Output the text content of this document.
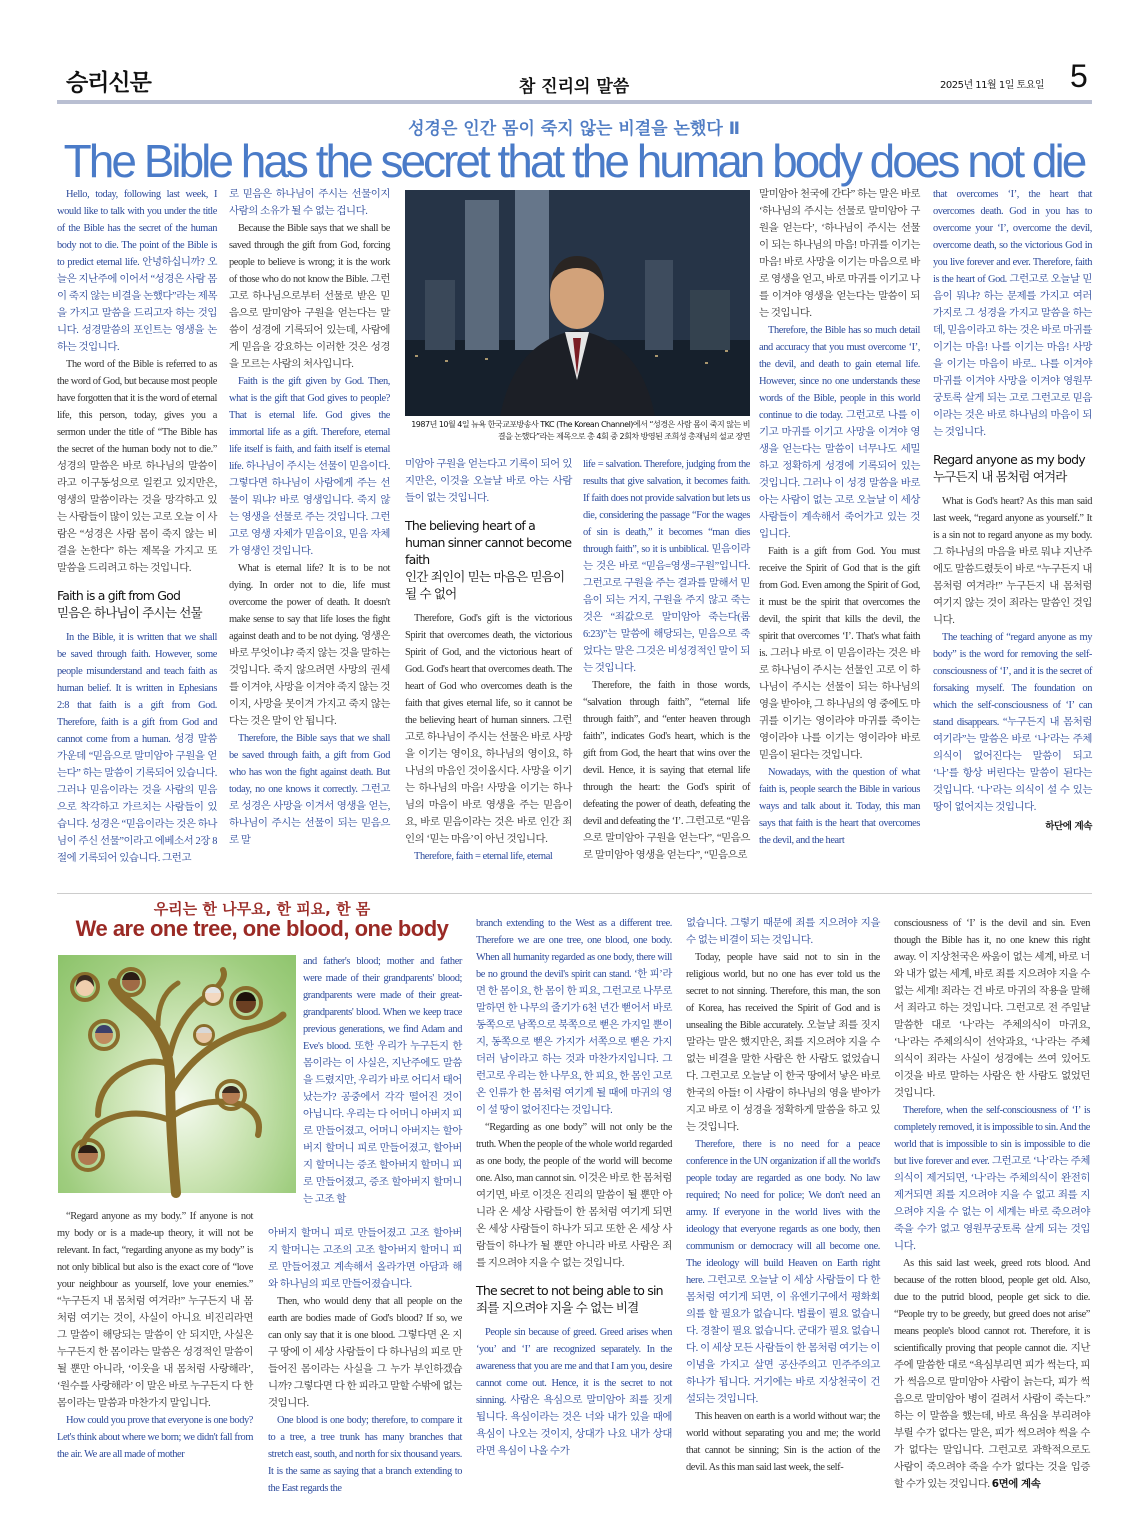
승리신문	참 진리의 말씀	2025년 11월 1일 토요일 5
성경은 인간 몸이 죽지 않는 비결을 논했다 Ⅱ
The Bible has the secret that the human body does not die

Hello, today, following last week, I would like to talk with you under the title of the Bible has the secret of the human body not to die. The point of the Bible is to predict eternal life. 안녕하십니까? 오늘은 지난주에 이어서 “성경은 사람 몸이 죽지 않는 비결을 논했다”라는 제목을 가지고 말씀을 드리고자 하는 것입니다. 성경말씀의 포인트는 영생을 논하는 것입니다.

The word of the Bible is referred to as the word of God, but because most people have forgotten that it is the word of eternal life, this person, today, gives you a sermon under the title of “The Bible has the secret of the human body not to die.” 성경의 말씀은 바로 하나님의 말씀이라고 이구동성으로 일컫고 있지만은, 영생의 말씀이라는 것을 망각하고 있는 사람들이 많이 있는 고로 오늘 이 사람은 “성경은 사람 몸이 죽지 않는 비결을 논한다” 하는 제목을 가지고 또 말씀을 드리려고 하는 것입니다.

Faith is a gift from God
믿음은 하나님이 주시는 선물

In the Bible, it is written that we shall be saved through faith. However, some people misunderstand and teach faith as human belief. It is written in Ephesians 2:8 that faith is a gift from God. Therefore, faith is a gift from God and cannot come from a human. 성경 말씀 가운데 “믿음으로 말미암아 구원을 얻는다” 하는 말씀이 기록되어 있습니다. 그러나 믿음이라는 것을 사람의 믿음으로 착각하고 가르치는 사람들이 있습니다. 성경은 “믿음이라는 것은 하나님이 주신 선물”이라고 에베소서 2장 8절에 기록되어 있습니다. 그런고

로 믿음은 하나님이 주시는 선물이지 사람의 소유가 될 수 없는 겁니다.

Because the Bible says that we shall be saved through the gift from God, forcing people to believe is wrong; it is the work of those who do not know the Bible. 그런고로 하나님으로부터 선물로 받은 믿음으로 말미암아 구원을 얻는다는 말씀이 성경에 기록되어 있는데, 사람에게 믿음을 강요하는 이러한 것은 성경을 모르는 사람의 처사입니다.

Faith is the gift given by God. Then, what is the gift that God gives to people? That is eternal life. God gives the immortal life as a gift. Therefore, eternal life itself is faith, and faith itself is eternal life. 하나님이 주시는 선물이 믿음이다. 그렇다면 하나님이 사람에게 주는 선물이 뭐냐? 바로 영생입니다. 죽지 않는 영생을 선물로 주는 것입니다. 그런고로 영생 자체가 믿음이요, 믿음 자체가 영생인 것입니다.

What is eternal life? It is to be not dying. In order not to die, life must overcome the power of death. It doesn't make sense to say that life loses the fight against death and to be not dying. 영생은 바로 무엇이냐? 죽지 않는 것을 말하는 것입니다. 죽지 않으려면 사망의 권세를 이겨야, 사망을 이겨야 죽지 않는 것이지, 사망을 못이겨 가지고 죽지 않는다는 것은 말이 안 됩니다.

Therefore, the Bible says that we shall be saved through faith, a gift from God who has won the fight against death. But today, no one knows it correctly. 그런고로 성경은 사망을 이겨서 영생을 얻는, 하나님이 주시는 선물이 되는 믿음으로 말

미암아 구원을 얻는다고 기록이 되어 있지만은, 이것을 오늘날 바로 아는 사람들이 없는 것입니다.

The believing heart of a human sinner cannot become faith
인간 죄인이 믿는 마음은 믿음이 될 수 없어

Therefore, God's gift is the victorious Spirit that overcomes death, the victorious Spirit of God, and the victorious heart of God. God's heart that overcomes death. The heart of God who overcomes death is the faith that gives eternal life, so it cannot be the believing heart of human sinners. 그런고로 하나님이 주시는 선물은 바로 사망을 이기는 영이요, 하나님의 영이요, 하나님의 마음인 것이올시다. 사망을 이기는 하나님의 마음! 사망을 이기는 하나님의 마음이 바로 영생을 주는 믿음이요, 바로 믿음이라는 것은 바로 인간 죄인의 ‘믿는 마음’이 아닌 것입니다.

Therefore, faith = eternal life, eternal

life = salvation. Therefore, judging from the results that give salvation, it becomes faith. If faith does not provide salvation but lets us die, considering the passage “For the wages of sin is death,” it becomes “man dies through faith”, so it is unbiblical. 믿음이라는 것은 바로 “믿음=영생=구원”입니다. 그런고로 구원을 주는 결과를 말해서 믿음이 되는 거지, 구원을 주지 않고 죽는 것은 “죄값으로 말미암아 죽는다(롬6:23)”는 말씀에 해당되는, 믿음으로 죽었다는 말은 그것은 비성경적인 말이 되는 것입니다.

Therefore, the faith in those words, “salvation through faith”, “eternal life through faith”, and “enter heaven through faith”, indicates God's heart, which is the gift from God, the heart that wins over the devil. Hence, it is saying that eternal life through the heart: the God's spirit of defeating the power of death, defeating the devil and defeating the ‘I’. 그런고로 “믿음으로 말미암아 구원을 얻는다”, “믿음으로 말미암아 영생을 얻는다”, “믿음으로

말미암아 천국에 간다” 하는 말은 바로 ‘하나님의 주시는 선물로 말미암아 구원을 얻는다’, ‘하나님이 주시는 선물이 되는 하나님의 마음! 마귀를 이기는 마음! 바로 사망을 이기는 마음으로 바로 영생을 얻고, 바로 마귀를 이기고 나를 이겨야 영생을 얻는다는 말씀이 되는 것입니다.

Therefore, the Bible has so much detail and accuracy that you must overcome ‘I’, the devil, and death to gain eternal life. However, since no one understands these words of the Bible, people in this world continue to die today. 그런고로 나를 이기고 마귀를 이기고 사망을 이겨야 영생을 얻는다는 말씀이 너무나도 세밀하고 정확하게 성경에 기록되어 있는 것입니다. 그러나 이 성경 말씀을 바로 아는 사람이 없는 고로 오늘날 이 세상 사람들이 계속해서 죽어가고 있는 것입니다.

Faith is a gift from God. You must receive the Spirit of God that is the gift from God. Even among the Spirit of God, it must be the spirit that overcomes the devil, the spirit that kills the devil, the spirit that overcomes ‘I’. That's what faith is. 그러나 바로 이 믿음이라는 것은 바로 하나님이 주시는 선물인 고로 이 하나님이 주시는 선물이 되는 하나님의 영을 받아야, 그 하나님의 영 중에도 마귀를 이기는 영이라야 마귀를 죽이는 영이라야 나를 이기는 영이라야 바로 믿음이 된다는 것입니다.

Nowadays, with the question of what faith is, people search the Bible in various ways and talk about it. Today, this man says that faith is the heart that overcomes the devil, and the heart

that overcomes ‘I’, the heart that overcomes death. God in you has to overcome your ‘I’, overcome the devil, overcome death, so the victorious God in you live forever and ever. Therefore, faith is the heart of God. 그런고로 오늘날 믿음이 뭐냐? 하는 문제를 가지고 여러 가지로 그 성경을 가지고 말씀을 하는데, 믿음이라고 하는 것은 바로 마귀를 이기는 마음! 나를 이기는 마음! 사망을 이기는 마음이 바로.. 나를 이겨야 마귀를 이겨야 사망을 이겨야 영원무궁토록 살게 되는 고로 그런고로 믿음이라는 것은 바로 하나님의 마음이 되는 것입니다.

Regard anyone as my body
누구든지 내 몸처럼 여겨라

What is God's heart? As this man said last week, “regard anyone as yourself.” It is a sin not to regard anyone as my body. 그 하나님의 마음을 바로 뭐냐 지난주에도 말씀드렸듯이 바로 “누구든지 내 몸처럼 여겨라!” 누구든지 내 몸처럼 여기지 않는 것이 죄라는 말씀인 것입니다.

The teaching of “regard anyone as my body” is the word for removing the self-consciousness of ‘I’, and it is the secret of forsaking myself. The foundation on which the self-consciousness of ‘I’ can stand disappears. “누구든지 내 몸처럼 여기라”는 말씀은 바로 ‘나’라는 주체의식이 없어진다는 말씀이 되고 ‘나’를 항상 버린다는 말씀이 된다는 것입니다. ‘나’라는 의식이 설 수 있는 땅이 없어지는 것입니다.

하단에 계속
1987년 10월 4일 뉴욕 한국교포방송사 TKC (The Korean Channel)에서 “성경은 사람 몸이 죽지 않는 비결을 논했다”라는 제목으로 총 4회 중 2회차 방영된 조희성 총재님의 설교 장면
우리는 한 나무요, 한 피요, 한 몸
We are one tree, one blood, one body

“Regard anyone as my body.” If anyone is not my body or is a made-up theory, it will not be relevant. In fact, “regarding anyone as my body” is not only biblical but also is the exact core of “love your neighbour as yourself, love your enemies.” “누구든지 내 몸처럼 여겨라!” 누구든지 내 몸처럼 여기는 것이, 사실이 아니요 비진리라면 그 말씀이 해당되는 말씀이 안 되지만, 사실은 누구든지 한 몸이라는 말씀은 성경적인 말씀이 될 뿐만 아니라, ‘이웃을 내 몸처럼 사랑해라’, ‘원수를 사랑해라’ 이 말은 바로 누구든지 다 한 몸이라는 말씀과 마찬가지 말입니다.

How could you prove that everyone is one body? Let's think about where we born; we didn't fall from the air. We are all made of mother

and father's blood; mother and father were made of their grandparents' blood; grandparents were made of their great-grandparents' blood. When we keep trace previous generations, we find Adam and Eve's blood. 또한 우리가 누구든지 한 몸이라는 이 사실은, 지난주에도 말씀을 드렸지만, 우리가 바로 어디서 태어났는가? 공중에서 각각 떨어진 것이 아닙니다. 우리는 다 어머니 아버지 피로 만들어졌고, 어머니 아버지는 할아버지 할머니 피로 만들어졌고, 할아버지 할머니는 증조 할아버지 할머니 피로 만들어졌고, 증조 할아버지 할머니는 고조 할

아버지 할머니 피로 만들어졌고 고조 할아버지 할머니는 고조의 고조 할아버지 할머니 피로 만들어졌고 계속해서 올라가면 아담과 해와 하나님의 피로 만들어졌습니다.

Then, who would deny that all people on the earth are bodies made of God's blood? If so, we can only say that it is one blood. 그렇다면 온 지구 땅에 이 세상 사람들이 다 하나님의 피로 만들어진 몸이라는 사실을 그 누가 부인하겠습니까? 그렇다면 다 한 피라고 말할 수밖에 없는 것입니다.

One blood is one body; therefore, to compare it to a tree, a tree trunk has many branches that stretch east, south, and north for six thousand years. It is the same as saying that a branch extending to the East regards the

branch extending to the West as a different tree. Therefore we are one tree, one blood, one body. When all humanity regarded as one body, there will be no ground the devil's spirit can stand. ‘한 피’라면 한 몸이요, 한 몸이 한 피요, 그런고로 나무로 말하면 한 나무의 줄기가 6천 년간 뻗어서 바로 동쪽으로 남쪽으로 북쪽으로 뻗은 가지일 뿐이지, 동쪽으로 뻗은 가지가 서쪽으로 뻗은 가지더러 남이라고 하는 것과 마찬가지입니다. 그런고로 우리는 한 나무요, 한 피요, 한 몸인 고로 온 인류가 한 몸처럼 여기게 될 때에 마귀의 영이 설 땅이 없어진다는 것입니다.

“Regarding as one body” will not only be the truth. When the people of the whole world regarded as one body, the people of the world will become one. Also, man cannot sin. 이것은 바로 한 몸처럼 여기면, 바로 이것은 진리의 말씀이 될 뿐만 아니라 온 세상 사람들이 한 몸처럼 여기게 되면 온 세상 사람들이 하나가 되고 또한 온 세상 사람들이 하나가 될 뿐만 아니라 바로 사람은 죄를 지으려야 지을 수 없는 것입니다.

The secret to not being able to sin
죄를 지으려야 지을 수 없는 비결

People sin because of greed. Greed arises when ‘you’ and ‘I’ are recognized separately. In the awareness that you are me and that I am you, desire cannot come out. Hence, it is the secret to not sinning. 사람은 욕심으로 말미암아 죄를 짓게 됩니다. 욕심이라는 것은 너와 내가 있을 때에 욕심이 나오는 것이지, 상대가 나요 내가 상대라면 욕심이 나올 수가

없습니다. 그렇기 때문에 죄를 지으려야 지을 수 없는 비결이 되는 것입니다.

Today, people have said not to sin in the religious world, but no one has ever told us the secret to not sinning. Therefore, this man, the son of Korea, has received the Spirit of God and is unsealing the Bible accurately. 오늘날 죄를 짓지 말라는 말은 했지만은, 죄를 지으려야 지을 수 없는 비결을 말한 사람은 한 사람도 없었습니다. 그런고로 오늘날 이 한국 땅에서 낳은 바로 한국의 아들! 이 사람이 하나님의 영을 받아가지고 바로 이 성경을 정확하게 말씀을 하고 있는 것입니다.

Therefore, there is no need for a peace conference in the UN organization if all the world's people today are regarded as one body. No law required; No need for police; We don't need an army. If everyone in the world lives with the ideology that everyone regards as one body, then communism or democracy will all become one. The ideology will build Heaven on Earth right here. 그런고로 오늘날 이 세상 사람들이 다 한 몸처럼 여기게 되면, 이 유엔기구에서 평화회의를 할 필요가 없습니다. 법률이 필요 없습니다. 경찰이 필요 없습니다. 군대가 필요 없습니다. 이 세상 모든 사람들이 한 몸처럼 여기는 이 이념을 가지고 살면 공산주의고 민주주의고 하나가 됩니다. 거기에는 바로 지상천국이 건설되는 것입니다.

This heaven on earth is a world without war; the world without separating you and me; the world that cannot be sinning; Sin is the action of the devil. As this man said last week, the self-

consciousness of ‘I’ is the devil and sin. Even though the Bible has it, no one knew this right away. 이 지상천국은 싸움이 없는 세계, 바로 너와 내가 없는 세계, 바로 죄를 지으려야 지을 수 없는 세계! 죄라는 건 바로 마귀의 작용을 말해서 죄라고 하는 것입니다. 그런고로 전 주일날 말씀한 대로 ‘나’라는 주체의식이 마귀요, ‘나’라는 주체의식이 선악과요, ‘나’라는 주체의식이 죄라는 사실이 성경에는 쓰여 있어도 이것을 바로 말하는 사람은 한 사람도 없었던 것입니다.

Therefore, when the self-consciousness of ‘I’ is completely removed, it is impossible to sin. And the world that is impossible to sin is impossible to die but live forever and ever. 그런고로 ‘나’라는 주체의식이 제거되면, ‘나’라는 주체의식이 완전히 제거되면 죄를 지으려야 지을 수 없고 죄를 지으려야 지을 수 없는 이 세계는 바로 죽으려야 죽을 수가 없고 영원무궁토록 살게 되는 것입니다.

As this said last week, greed rots blood. And because of the rotten blood, people get old. Also, due to the putrid blood, people get sick to die. “People try to be greedy, but greed does not arise” means people's blood cannot rot. Therefore, it is scientifically proving that people cannot die. 지난주에 말씀한 대로 “욕심부리면 피가 썩는다, 피가 썩음으로 말미암아 사람이 늙는다, 피가 썩음으로 말미암아 병이 걸려서 사람이 죽는다.” 하는 이 말씀을 했는데, 바로 욕심을 부리려야 부릴 수가 없다는 말은, 피가 썩으려야 썩을 수가 없다는 말입니다. 그런고로 과학적으로도 사람이 죽으려야 죽을 수가 없다는 것을 입증할 수가 있는 것입니다. 6면에 계속
